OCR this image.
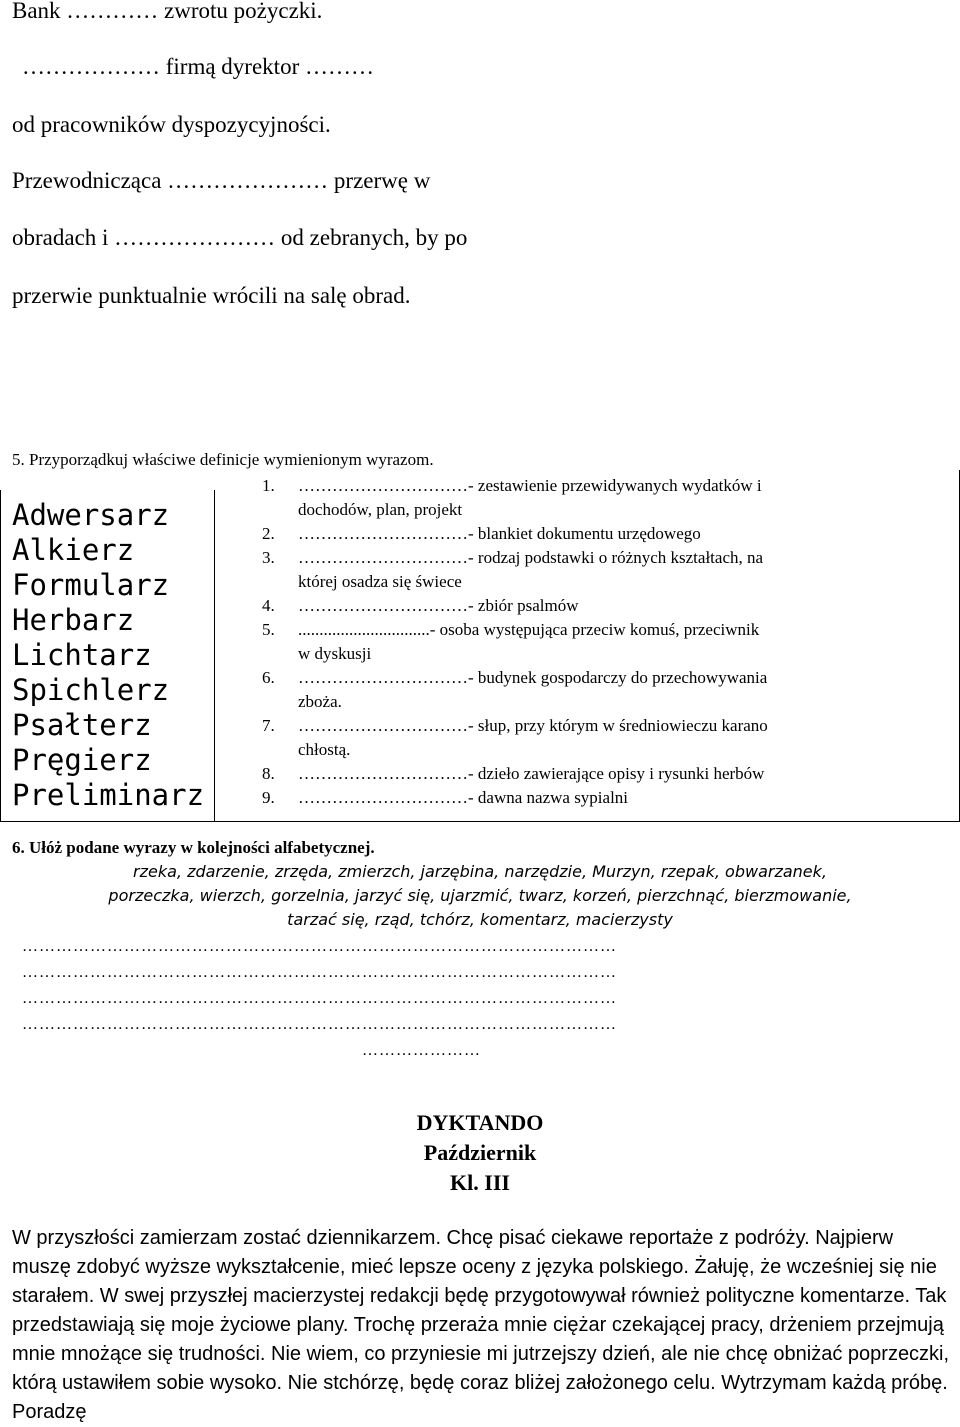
Bank ………… zwrotu pożyczki.
……………… firmą dyrektor ………
od pracowników dyspozycyjności.
Przewodnicząca ………………… przerwę w
obradach i ………………… od zebranych, by po
przerwie punktualnie wrócili na salę obrad.
5. Przyporządkuj właściwe definicje wymienionym wyrazom.
Adwersarz
Alkierz
Formularz
Herbarz
Lichtarz
Spichlerz
Psałterz
Pręgierz
Preliminarz
1. …………………………- zestawienie przewidywanych wydatków i
dochodów, plan, projekt
2. …………………………- blankiet dokumentu urzędowego
3. …………………………- rodzaj podstawki o różnych kształtach, na
której osadza się świece
4. …………………………- zbiór psalmów
5. ...............................- osoba występująca przeciw komuś, przeciwnik
w dyskusji
6. …………………………- budynek gospodarczy do przechowywania
zboża.
7. …………………………- słup, przy którym w średniowieczu karano
chłostą.
8. …………………………- dzieło zawierające opisy i rysunki herbów
9. …………………………- dawna nazwa sypialni
6. Ułóż podane wyrazy w kolejności alfabetycznej.
rzeka, zdarzenie, zrzęda, zmierzch, jarzębina, narzędzie, Murzyn, rzepak, obwarzanek,
porzeczka, wierzch, gorzelnia, jarzyć się, ujarzmić, twarz, korzeń, pierzchnąć, bierzmowanie,
tarzać się, rząd, tchórz, komentarz, macierzysty
……………………………………………………………………………………………
……………………………………………………………………………………………
……………………………………………………………………………………………
……………………………………………………………………………………………
…………………
DYKTANDO
Październik
Kl. III
W przyszłości zamierzam zostać dziennikarzem. Chcę pisać ciekawe reportaże z podróży. Najpierw muszę zdobyć wyższe wykształcenie, mieć lepsze oceny z języka polskiego. Żałuję, że wcześniej się nie starałem. W swej przyszłej macierzystej redakcji będę przygotowywał również polityczne komentarze. Tak przedstawiają się moje życiowe plany. Trochę przeraża mnie ciężar czekającej pracy, drżeniem przejmują mnie mnożące się trudności. Nie wiem, co przyniesie mi jutrzejszy dzień, ale nie chcę obniżać poprzeczki, którą ustawiłem sobie wysoko. Nie stchórzę, będę coraz bliżej założonego celu. Wytrzymam każdą próbę. Poradzę
